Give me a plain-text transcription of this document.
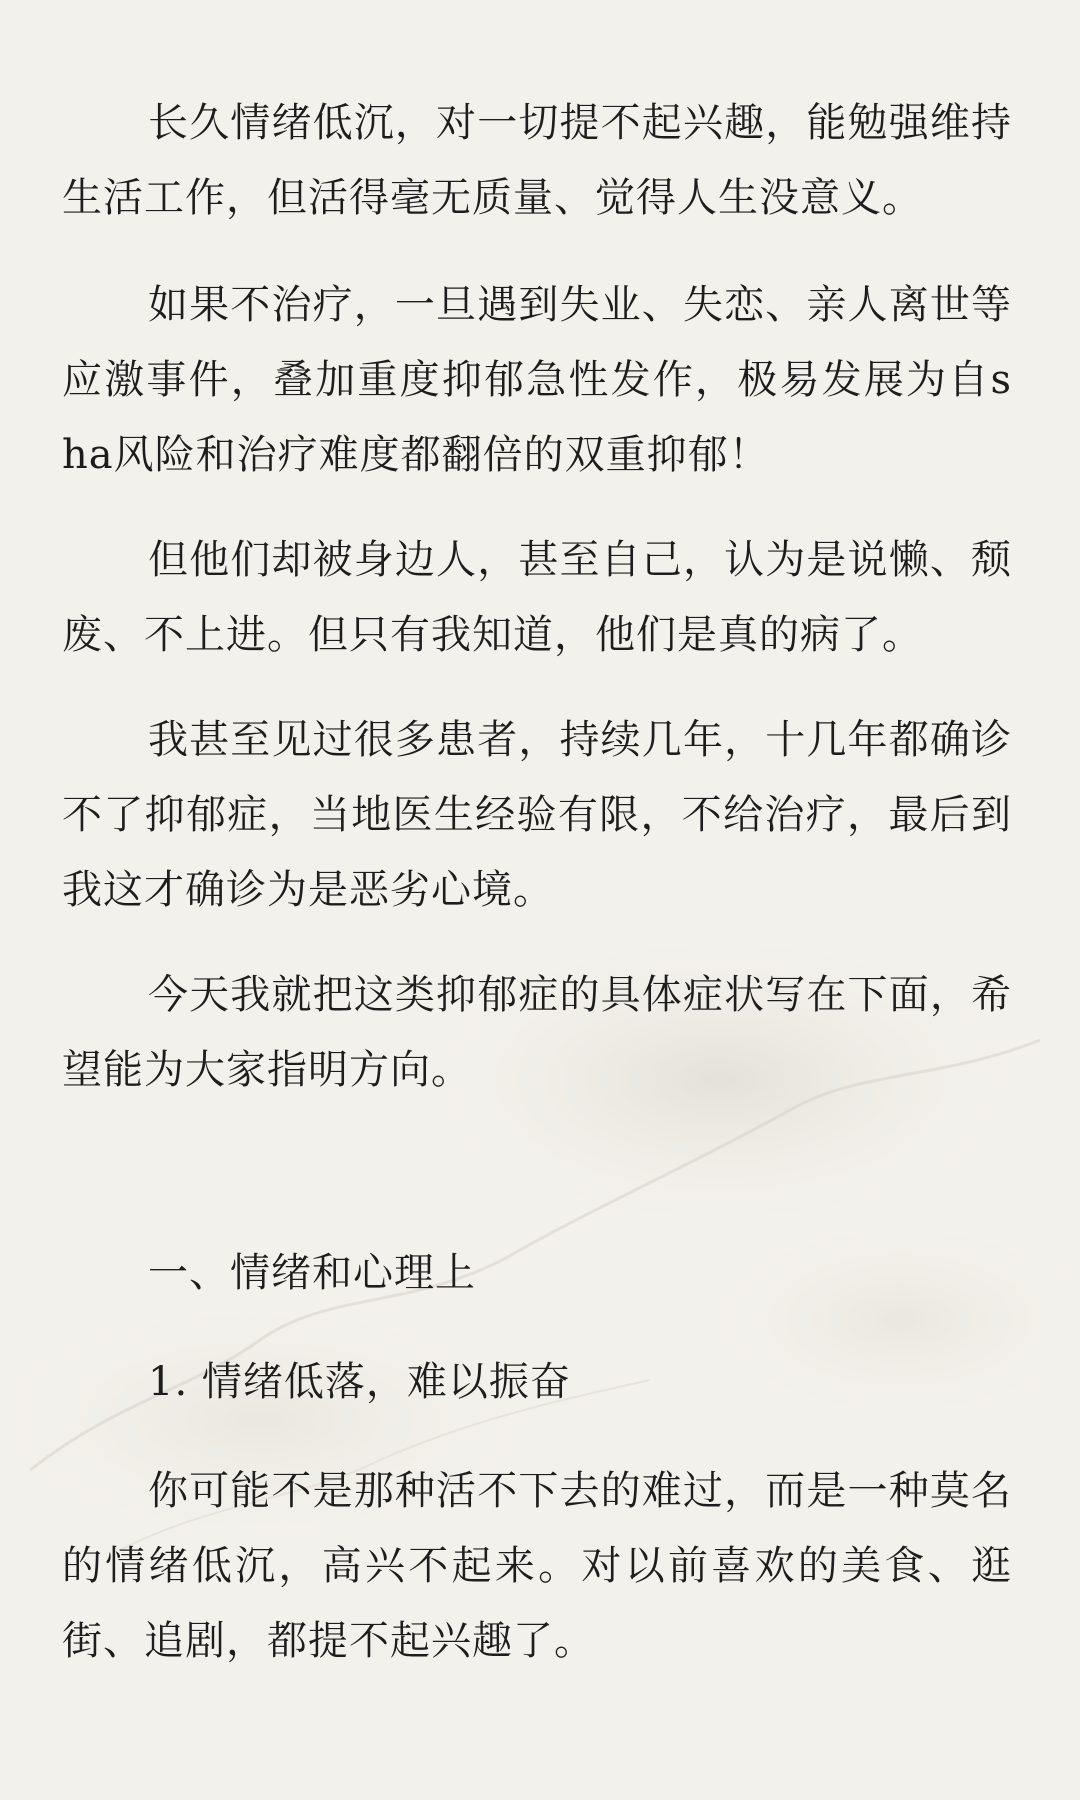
长久情绪低沉，对一切提不起兴趣，能勉强维持生活工作，但活得毫无质量、觉得人生没意义。

如果不治疗，一旦遇到失业、失恋、亲人离世等应激事件，叠加重度抑郁急性发作，极易发展为自sha风险和治疗难度都翻倍的双重抑郁！

但他们却被身边人，甚至自己，认为是说懒、颓废、不上进。但只有我知道，他们是真的病了。

我甚至见过很多患者，持续几年，十几年都确诊不了抑郁症，当地医生经验有限，不给治疗，最后到我这才确诊为是恶劣心境。

今天我就把这类抑郁症的具体症状写在下面，希望能为大家指明方向。

一、情绪和心理上

1. 情绪低落，难以振奋

你可能不是那种活不下去的难过，而是一种莫名的情绪低沉，高兴不起来。对以前喜欢的美食、逛街、追剧，都提不起兴趣了。
